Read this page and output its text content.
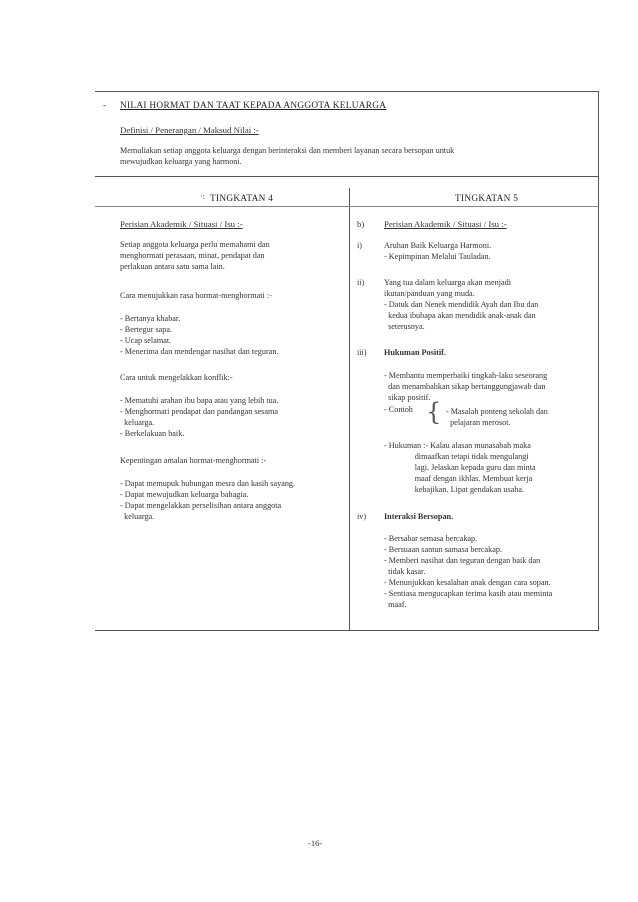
- NILAI HORMAT DAN TAAT KEPADA ANGGOTA KELUARGA
Definisi / Penerangan / Maksud Nilai :-
Memuliakan setiap anggota keluarga dengan berinteraksi dan memberi layanan secara bersopan untuk
mewujudkan keluarga yang harmoni.
TINGKATAN 4
·:	TINGKATAN 5
Perisian Akademik / Situasi / Isu :-
Setiap anggota keluarga perlu memahami dan
menghormati perasaan, minat, pendapat dan
perlakuan antara satu sama lain.
Cara menujukkan rasa hormat-menghormati :-
- Bertanya khabar.
- Bertegur sapa.
- Ucap selamat.
- Menerima dan mendengar nasihat dan teguran.
Cara untuk mengelakkan konflik:-
- Mematuhi arahan ibu bapa atau yang lebih tua.
- Menghormati pendapat dan pandangan sesama
keluarga.
- Berkelakuan baik.
Kepentingan amalan hormat-menghormati :-
- Dapat memupuk hubungan mesra dan kasih sayang.
- Dapat mewujudkan keluarga bahagia.
- Dapat mengelakkan perselisihan antara anggota
keluarga.
b) Perisian Akademik / Situasi / Isu :-
i)	Aruhan Baik Keluarga Harmoni.
- Kepimpinan Melalui Tauladan.
ii) Yang tua dalam keluarga akan menjadi
ikutan/panduan yang muda.
- Datuk dan Nenek mendidik Ayah dan Ibu dan
kedua ibubapa akan mendidik anak-anak dan
seterusnya.
iii) Hukuman Positif.
- Membantu memperbaiki tingkah-laku seseorang
dan menambahkan sikap bertanggungjawab dan
sikap positif.
- Contoh { - Masalah ponteng sekolah dan
pelajaran merosot.
- Hukuman :- Kalau alasan munasabah maka
dimaafkan tetapi tidak mengulangi
lagi. Jelaskan kepada guru dan minta
maaf dengan ikhlas. Membuat kerja
kebajikan. Lipat gendakan usaha.
iv) Interaksi Bersopan.
- Bersabar semasa bercakap.
- Bersuaan santun samasa bercakap.
- Memberi nasihat dan teguran dengan baik dan
tidak kasar.
- Menunjukkan kesalahan anak dengan cara sopan.
- Sentiasa mengucapkan terima kasih atau meminta
maaf.
-16-
